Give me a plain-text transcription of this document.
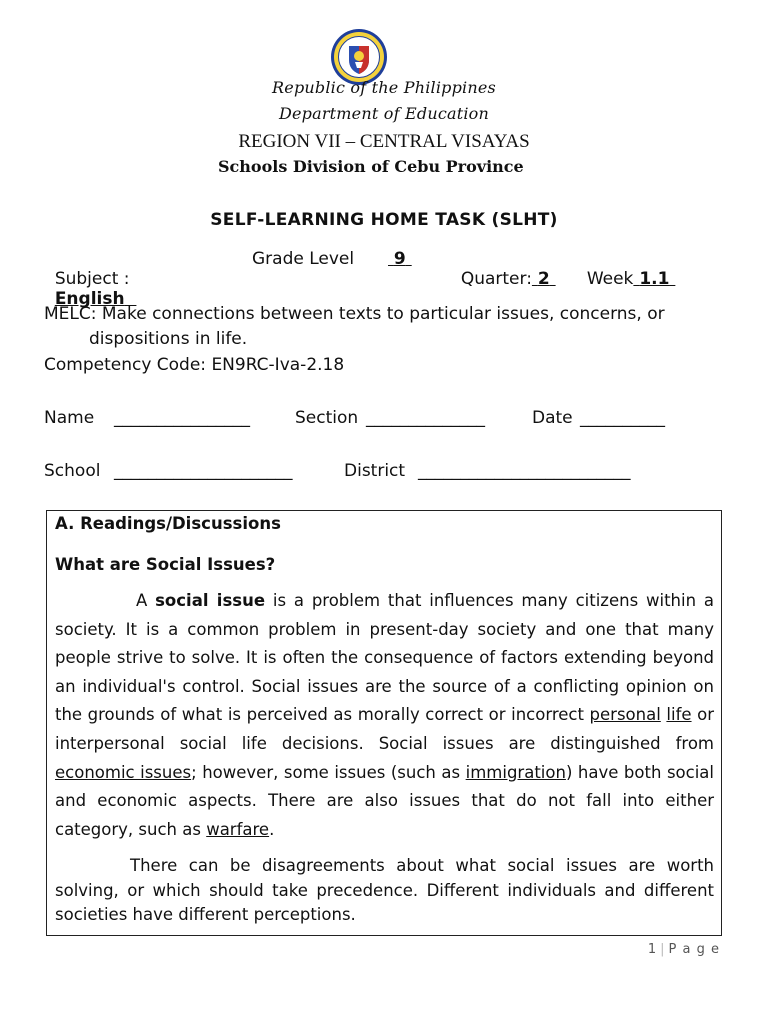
Republic of the Philippines
Department of Education
REGION VII – CENTRAL VISAYAS
Schools Division of Cebu Province
SELF-LEARNING HOME TASK (SLHT)

Subject :
English

Grade Level	9

Quarter: 2	Week 1.1

MELC: Make connections between texts to particular issues, concerns, or
dispositions in life.
Competency Code: EN9RC-Iva-2.18
Name ________________	Section ______________	Date __________
School _____________________	District _________________________
A. Readings/Discussions
What are Social Issues?
A social issue is a problem that influences many citizens within a society. It is a common problem in present-day society and one that many people strive to solve. It is often the consequence of factors extending beyond an individual's control. Social issues are the source of a conflicting opinion on the grounds of what is perceived as morally correct or incorrect personal life or interpersonal social life decisions. Social issues are distinguished from economic issues; however, some issues (such as immigration) have both social and economic aspects. There are also issues that do not fall into either category, such as warfare.
There can be disagreements about what social issues are worth solving, or which should take precedence. Different individuals and different societies have different perceptions.
1 | P a g e
